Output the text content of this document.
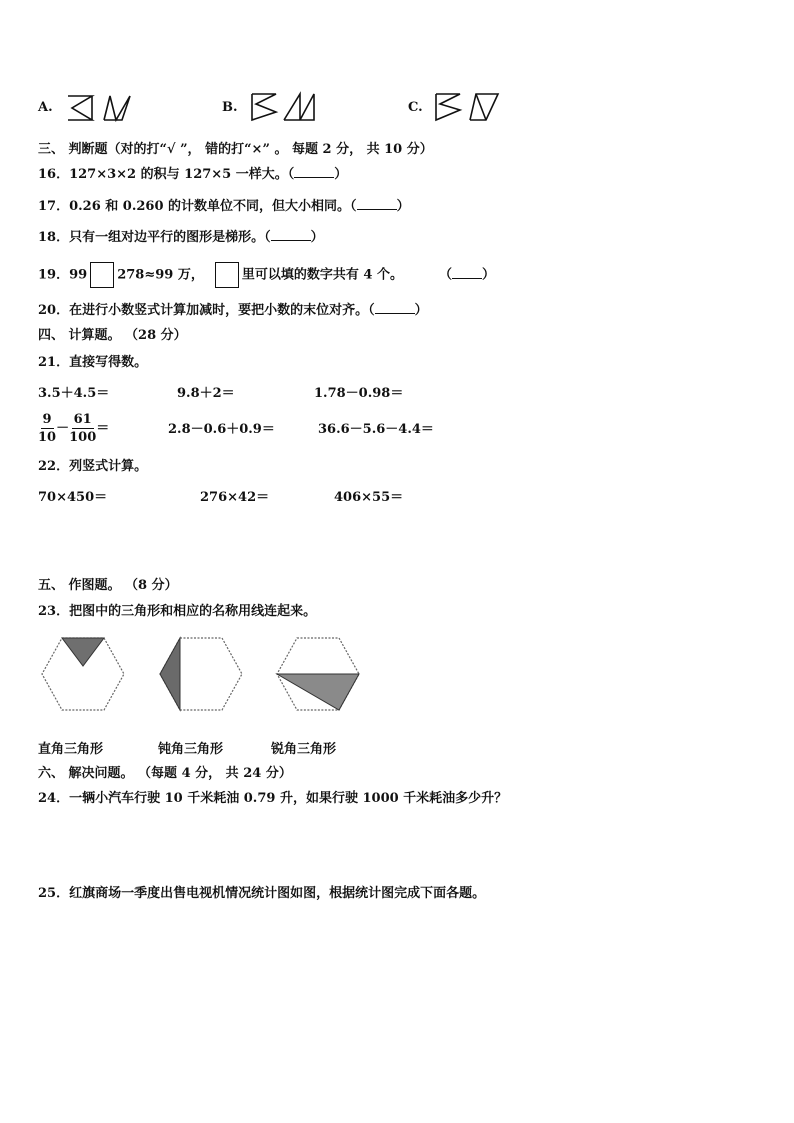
A.	B.	C.
三、 判断题（对的打“√ ”， 错的打“×” 。 每题 2 分， 共 10 分）
16．127×3×2 的积与 127×5 一样大。（	）
17．0.26 和 0.260 的计数单位不同，但大小相同。（	）
18．只有一组对边平行的图形是梯形。（	）
19．99 278≈99 万，	里可以填的数字共有 4 个。	（ ）
20．在进行小数竖式计算加减时，要把小数的末位对齐。（	）
四、 计算题。 （28 分）
21．直接写得数。
3.5＋4.5＝	9.8＋2＝	1.78－0.98＝
$\frac{9}{10} - \frac{61}{100}$ ＝	2.8－0.6＋0.9＝	36.6－5.6－4.4＝
22．列竖式计算。
70×450＝	276×42＝	406×55＝
五、 作图题。 （8 分）
23．把图中的三角形和相应的名称用线连起来。
直角三角形	钝角三角形	锐角三角形
六、 解决问题。 （每题 4 分， 共 24 分）
24．一辆小汽车行驶 10 千米耗油 0.79 升，如果行驶 1000 千米耗油多少升？
25．红旗商场一季度出售电视机情况统计图如图，根据统计图完成下面各题。
